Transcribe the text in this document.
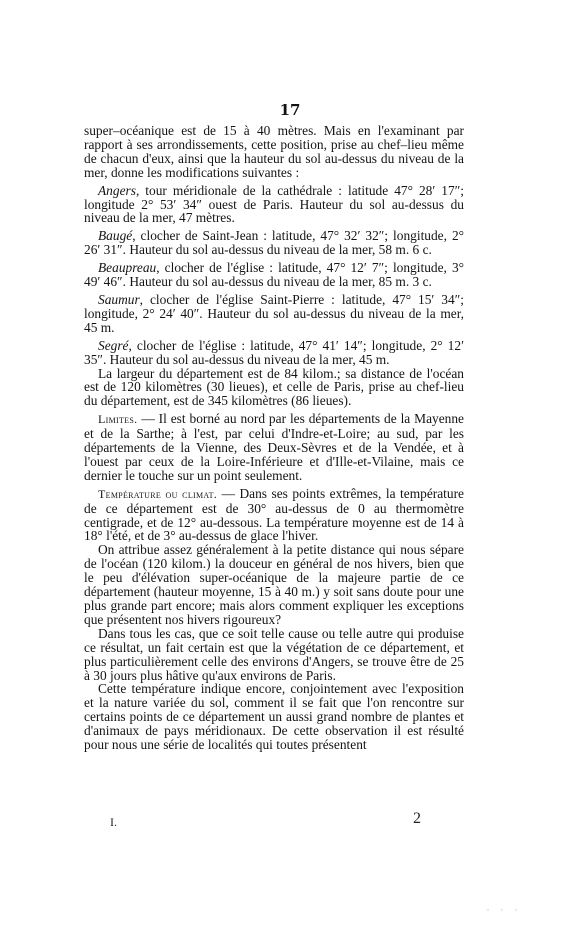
17

super–océanique est de 15 à 40 mètres. Mais en l'examinant par rapport à ses arrondissements, cette position, prise au chef–lieu même de chacun d'eux, ainsi que la hauteur du sol au-dessus du niveau de la mer, donne les modifications suivantes :

Angers, tour méridionale de la cathédrale : latitude 47° 28′ 17″; longitude 2° 53′ 34″ ouest de Paris. Hauteur du sol au-dessus du niveau de la mer, 47 mètres.

Baugé, clocher de Saint-Jean : latitude, 47° 32′ 32″; longitude, 2° 26′ 31″. Hauteur du sol au-dessus du niveau de la mer, 58 m. 6 c.

Beaupreau, clocher de l'église : latitude, 47° 12′ 7″; longitude, 3° 49′ 46″. Hauteur du sol au-dessus du niveau de la mer, 85 m. 3 c.

Saumur, clocher de l'église Saint-Pierre : latitude, 47° 15′ 34″; longitude, 2° 24′ 40″. Hauteur du sol au-dessus du niveau de la mer, 45 m.

Segré, clocher de l'église : latitude, 47° 41′ 14″; longitude, 2° 12′ 35″. Hauteur du sol au-dessus du niveau de la mer, 45 m.

La largeur du département est de 84 kilom.; sa distance de l'océan est de 120 kilomètres (30 lieues), et celle de Paris, prise au chef-lieu du département, est de 345 kilomètres (86 lieues).

Limites. — Il est borné au nord par les départements de la Mayenne et de la Sarthe; à l'est, par celui d'Indre-et-Loire; au sud, par les départements de la Vienne, des Deux-Sèvres et de la Vendée, et à l'ouest par ceux de la Loire-Inférieure et d'Ille-et-Vilaine, mais ce dernier le touche sur un point seulement.

Température ou climat. — Dans ses points extrêmes, la température de ce département est de 30° au-dessus de 0 au thermomètre centigrade, et de 12° au-dessous. La température moyenne est de 14 à 18° l'été, et de 3° au-dessus de glace l'hiver.

On attribue assez généralement à la petite distance qui nous sépare de l'océan (120 kilom.) la douceur en général de nos hivers, bien que le peu d'élévation super-océanique de la majeure partie de ce département (hauteur moyenne, 15 à 40 m.) y soit sans doute pour une plus grande part encore; mais alors comment expliquer les exceptions que présentent nos hivers rigoureux?

Dans tous les cas, que ce soit telle cause ou telle autre qui produise ce résultat, un fait certain est que la végétation de ce département, et plus particulièrement celle des environs d'Angers, se trouve être de 25 à 30 jours plus hâtive qu'aux environs de Paris.

Cette température indique encore, conjointement avec l'exposition et la nature variée du sol, comment il se fait que l'on rencontre sur certains points de ce département un aussi grand nombre de plantes et d'animaux de pays méridionaux. De cette observation il est résulté pour nous une série de localités qui toutes présentent

I.	2
◦ ◦ ◦
